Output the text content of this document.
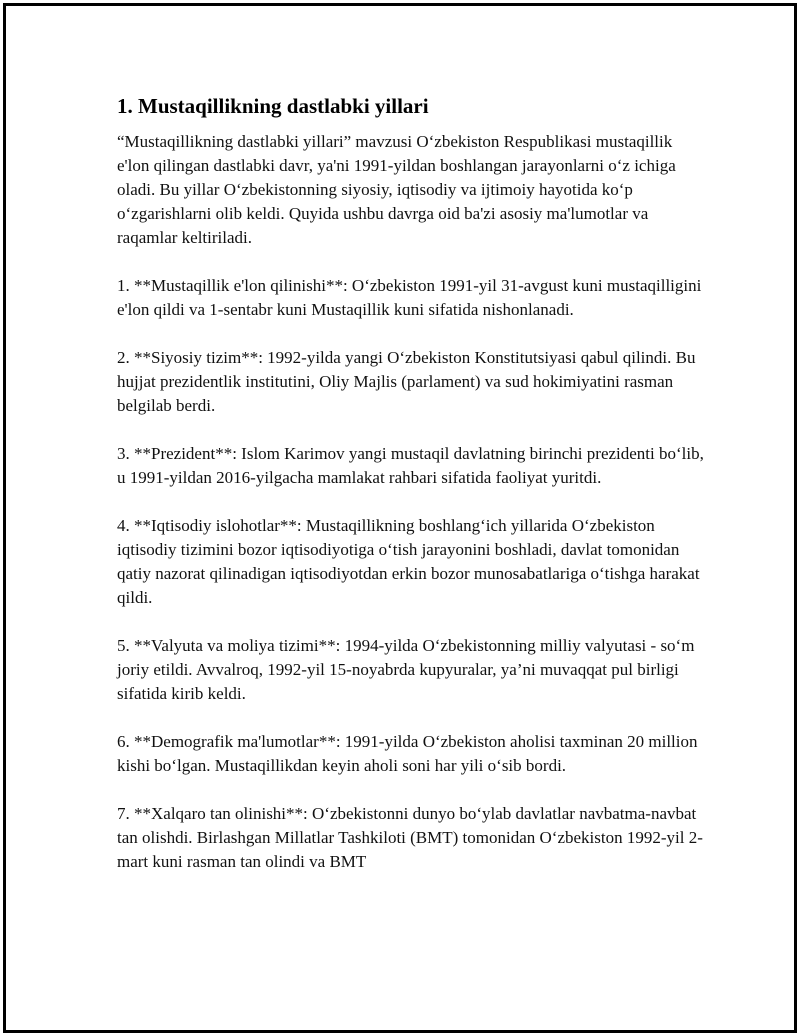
1. Mustaqillikning dastlabki yillari

“Mustaqillikning dastlabki yillari” mavzusi O‘zbekiston Respublikasi mustaqillik e'lon qilingan dastlabki davr, ya'ni 1991-yildan boshlangan jarayonlarni o‘z ichiga oladi. Bu yillar O‘zbekistonning siyosiy, iqtisodiy va ijtimoiy hayotida ko‘p o‘zgarishlarni olib keldi. Quyida ushbu davrga oid ba'zi asosiy ma'lumotlar va raqamlar keltiriladi.

1. **Mustaqillik e'lon qilinishi**: O‘zbekiston 1991-yil 31-avgust kuni mustaqilligini e'lon qildi va 1-sentabr kuni Mustaqillik kuni sifatida nishonlanadi.

2. **Siyosiy tizim**: 1992-yilda yangi O‘zbekiston Konstitutsiyasi qabul qilindi. Bu hujjat prezidentlik institutini, Oliy Majlis (parlament) va sud hokimiyatini rasman belgilab berdi.

3. **Prezident**: Islom Karimov yangi mustaqil davlatning birinchi prezidenti bo‘lib, u 1991-yildan 2016-yilgacha mamlakat rahbari sifatida faoliyat yuritdi.

4. **Iqtisodiy islohotlar**: Mustaqillikning boshlang‘ich yillarida O‘zbekiston iqtisodiy tizimini bozor iqtisodiyotiga o‘tish jarayonini boshladi, davlat tomonidan qatiy nazorat qilinadigan iqtisodiyotdan erkin bozor munosabatlariga o‘tishga harakat qildi.

5. **Valyuta va moliya tizimi**: 1994-yilda O‘zbekistonning milliy valyutasi - so‘m joriy etildi. Avvalroq, 1992-yil 15-noyabrda kupyuralar, ya’ni muvaqqat pul birligi sifatida kirib keldi.

6. **Demografik ma'lumotlar**: 1991-yilda O‘zbekiston aholisi taxminan 20 million kishi bo‘lgan. Mustaqillikdan keyin aholi soni har yili o‘sib bordi.

7. **Xalqaro tan olinishi**: O‘zbekistonni dunyo bo‘ylab davlatlar navbatma-navbat tan olishdi. Birlashgan Millatlar Tashkiloti (BMT) tomonidan O‘zbekiston 1992-yil 2-mart kuni rasman tan olindi va BMT
